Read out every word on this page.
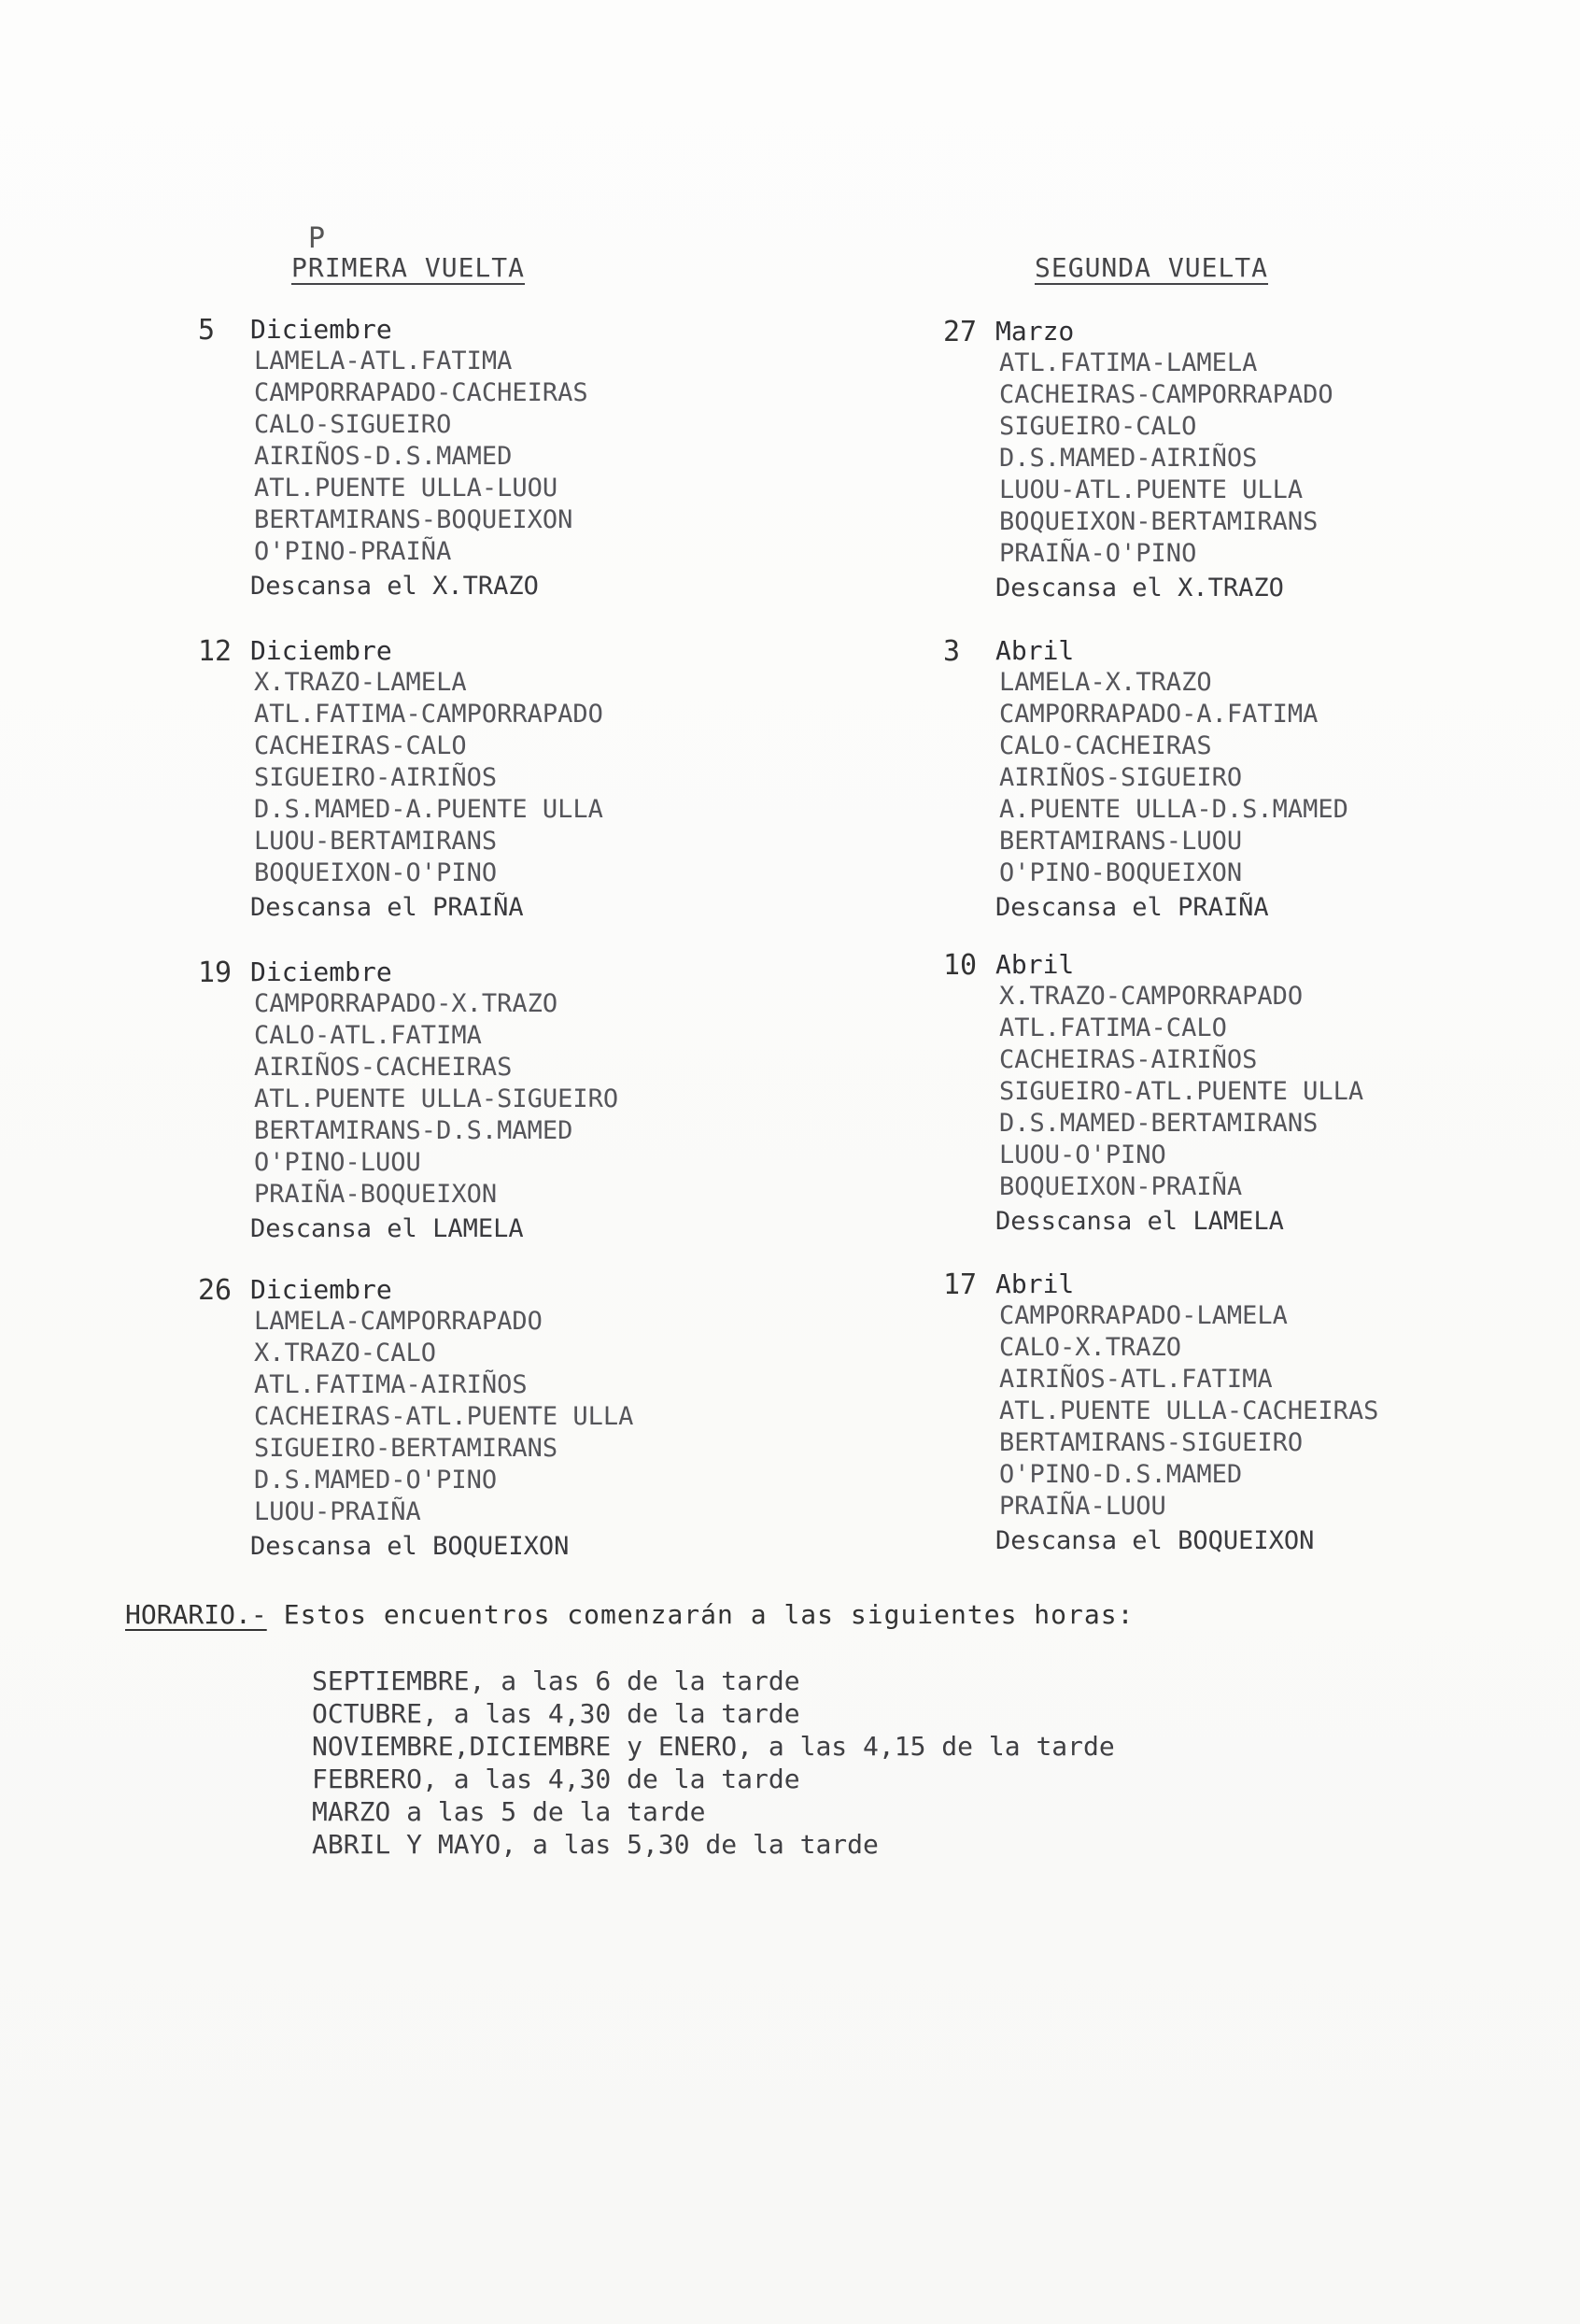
P
PRIMERA VUELTA	SEGUNDA VUELTA
5	Diciembre
LAMELA-ATL.FATIMA
CAMPORRAPADO-CACHEIRAS
CALO-SIGUEIRO
AIRIÑOS-D.S.MAMED
ATL.PUENTE ULLA-LUOU
BERTAMIRANS-BOQUEIXON
O'PINO-PRAIÑA
Descansa el X.TRAZO
12 Diciembre
X.TRAZO-LAMELA
ATL.FATIMA-CAMPORRAPADO
CACHEIRAS-CALO
SIGUEIRO-AIRIÑOS
D.S.MAMED-A.PUENTE ULLA
LUOU-BERTAMIRANS
BOQUEIXON-O'PINO
Descansa el PRAIÑA
19 Diciembre
CAMPORRAPADO-X.TRAZO
CALO-ATL.FATIMA
AIRIÑOS-CACHEIRAS
ATL.PUENTE ULLA-SIGUEIRO
BERTAMIRANS-D.S.MAMED
O'PINO-LUOU
PRAIÑA-BOQUEIXON
Descansa el LAMELA
26 Diciembre
LAMELA-CAMPORRAPADO
X.TRAZO-CALO
ATL.FATIMA-AIRIÑOS
CACHEIRAS-ATL.PUENTE ULLA
SIGUEIRO-BERTAMIRANS
D.S.MAMED-O'PINO
LUOU-PRAIÑA
Descansa el BOQUEIXON
27 Marzo
ATL.FATIMA-LAMELA
CACHEIRAS-CAMPORRAPADO
SIGUEIRO-CALO
D.S.MAMED-AIRIÑOS
LUOU-ATL.PUENTE ULLA
BOQUEIXON-BERTAMIRANS
PRAIÑA-O'PINO
Descansa el X.TRAZO
3	Abril
LAMELA-X.TRAZO
CAMPORRAPADO-A.FATIMA
CALO-CACHEIRAS
AIRIÑOS-SIGUEIRO
A.PUENTE ULLA-D.S.MAMED
BERTAMIRANS-LUOU
O'PINO-BOQUEIXON
Descansa el PRAIÑA
10 Abril
X.TRAZO-CAMPORRAPADO
ATL.FATIMA-CALO
CACHEIRAS-AIRIÑOS
SIGUEIRO-ATL.PUENTE ULLA
D.S.MAMED-BERTAMIRANS
LUOU-O'PINO
BOQUEIXON-PRAIÑA
Desscansa el LAMELA
17 Abril
CAMPORRAPADO-LAMELA
CALO-X.TRAZO
AIRIÑOS-ATL.FATIMA
ATL.PUENTE ULLA-CACHEIRAS
BERTAMIRANS-SIGUEIRO
O'PINO-D.S.MAMED
PRAIÑA-LUOU
Descansa el BOQUEIXON
HORARIO.- Estos encuentros comenzarán a las siguientes horas:
SEPTIEMBRE, a las 6 de la tarde
OCTUBRE, a las 4,30 de la tarde
NOVIEMBRE,DICIEMBRE y ENERO, a las 4,15 de la tarde
FEBRERO, a las 4,30 de la tarde
MARZO a las 5 de la tarde
ABRIL Y MAYO, a las 5,30 de la tarde
